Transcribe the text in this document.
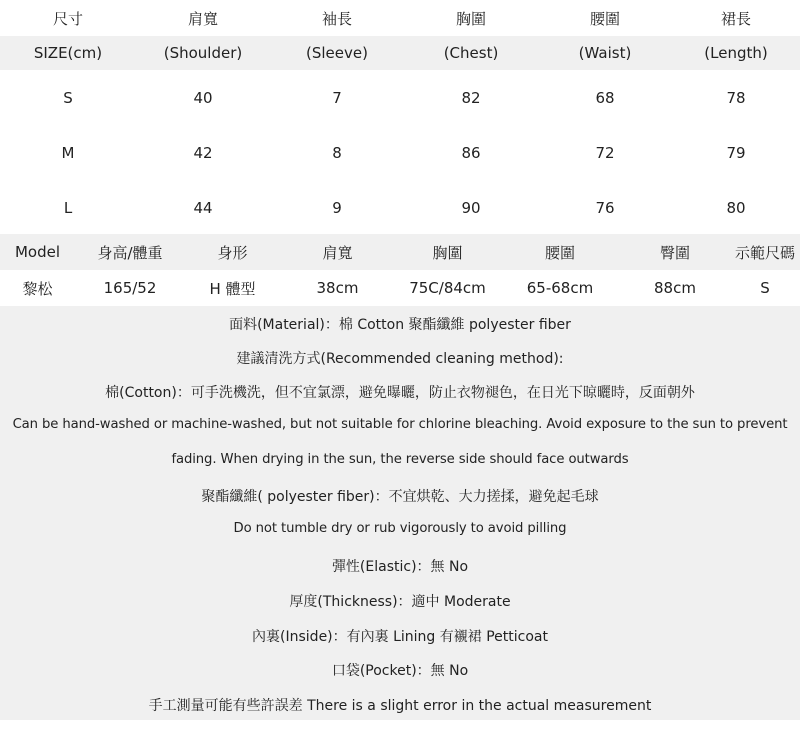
尺寸	肩寬	袖長	胸圍	腰圍	裙長
SIZE(cm)	(Shoulder)	(Sleeve)	(Chest)	(Waist)	(Length)
S	40	7	82	68	78
M	42	8	86	72	79
L	44	9	90	76	80
Model	身高/體重	身形	肩寬	胸圍	腰圍	臀圍	示範尺碼
黎松	165/52	H 體型	38cm	75C/84cm	65-68cm	88cm	S
面料(Material)：棉 Cotton 聚酯纖維 polyester fiber
建議清洗方式(Recommended cleaning method):
棉(Cotton)：可手洗機洗，但不宜氯漂，避免曝曬，防止衣物褪色，在日光下晾曬時，反面朝外
Can be hand-washed or machine-washed, but not suitable for chlorine bleaching. Avoid exposure to the sun to prevent
fading. When drying in the sun, the reverse side should face outwards
聚酯纖維( polyester fiber)：不宜烘乾、大力搓揉，避免起毛球
Do not tumble dry or rub vigorously to avoid pilling
彈性(Elastic)：無 No
厚度(Thickness)：適中 Moderate
內裏(Inside)：有內裏 Lining 有襯裙 Petticoat
口袋(Pocket)：無 No
手工測量可能有些許誤差 There is a slight error in the actual measurement
